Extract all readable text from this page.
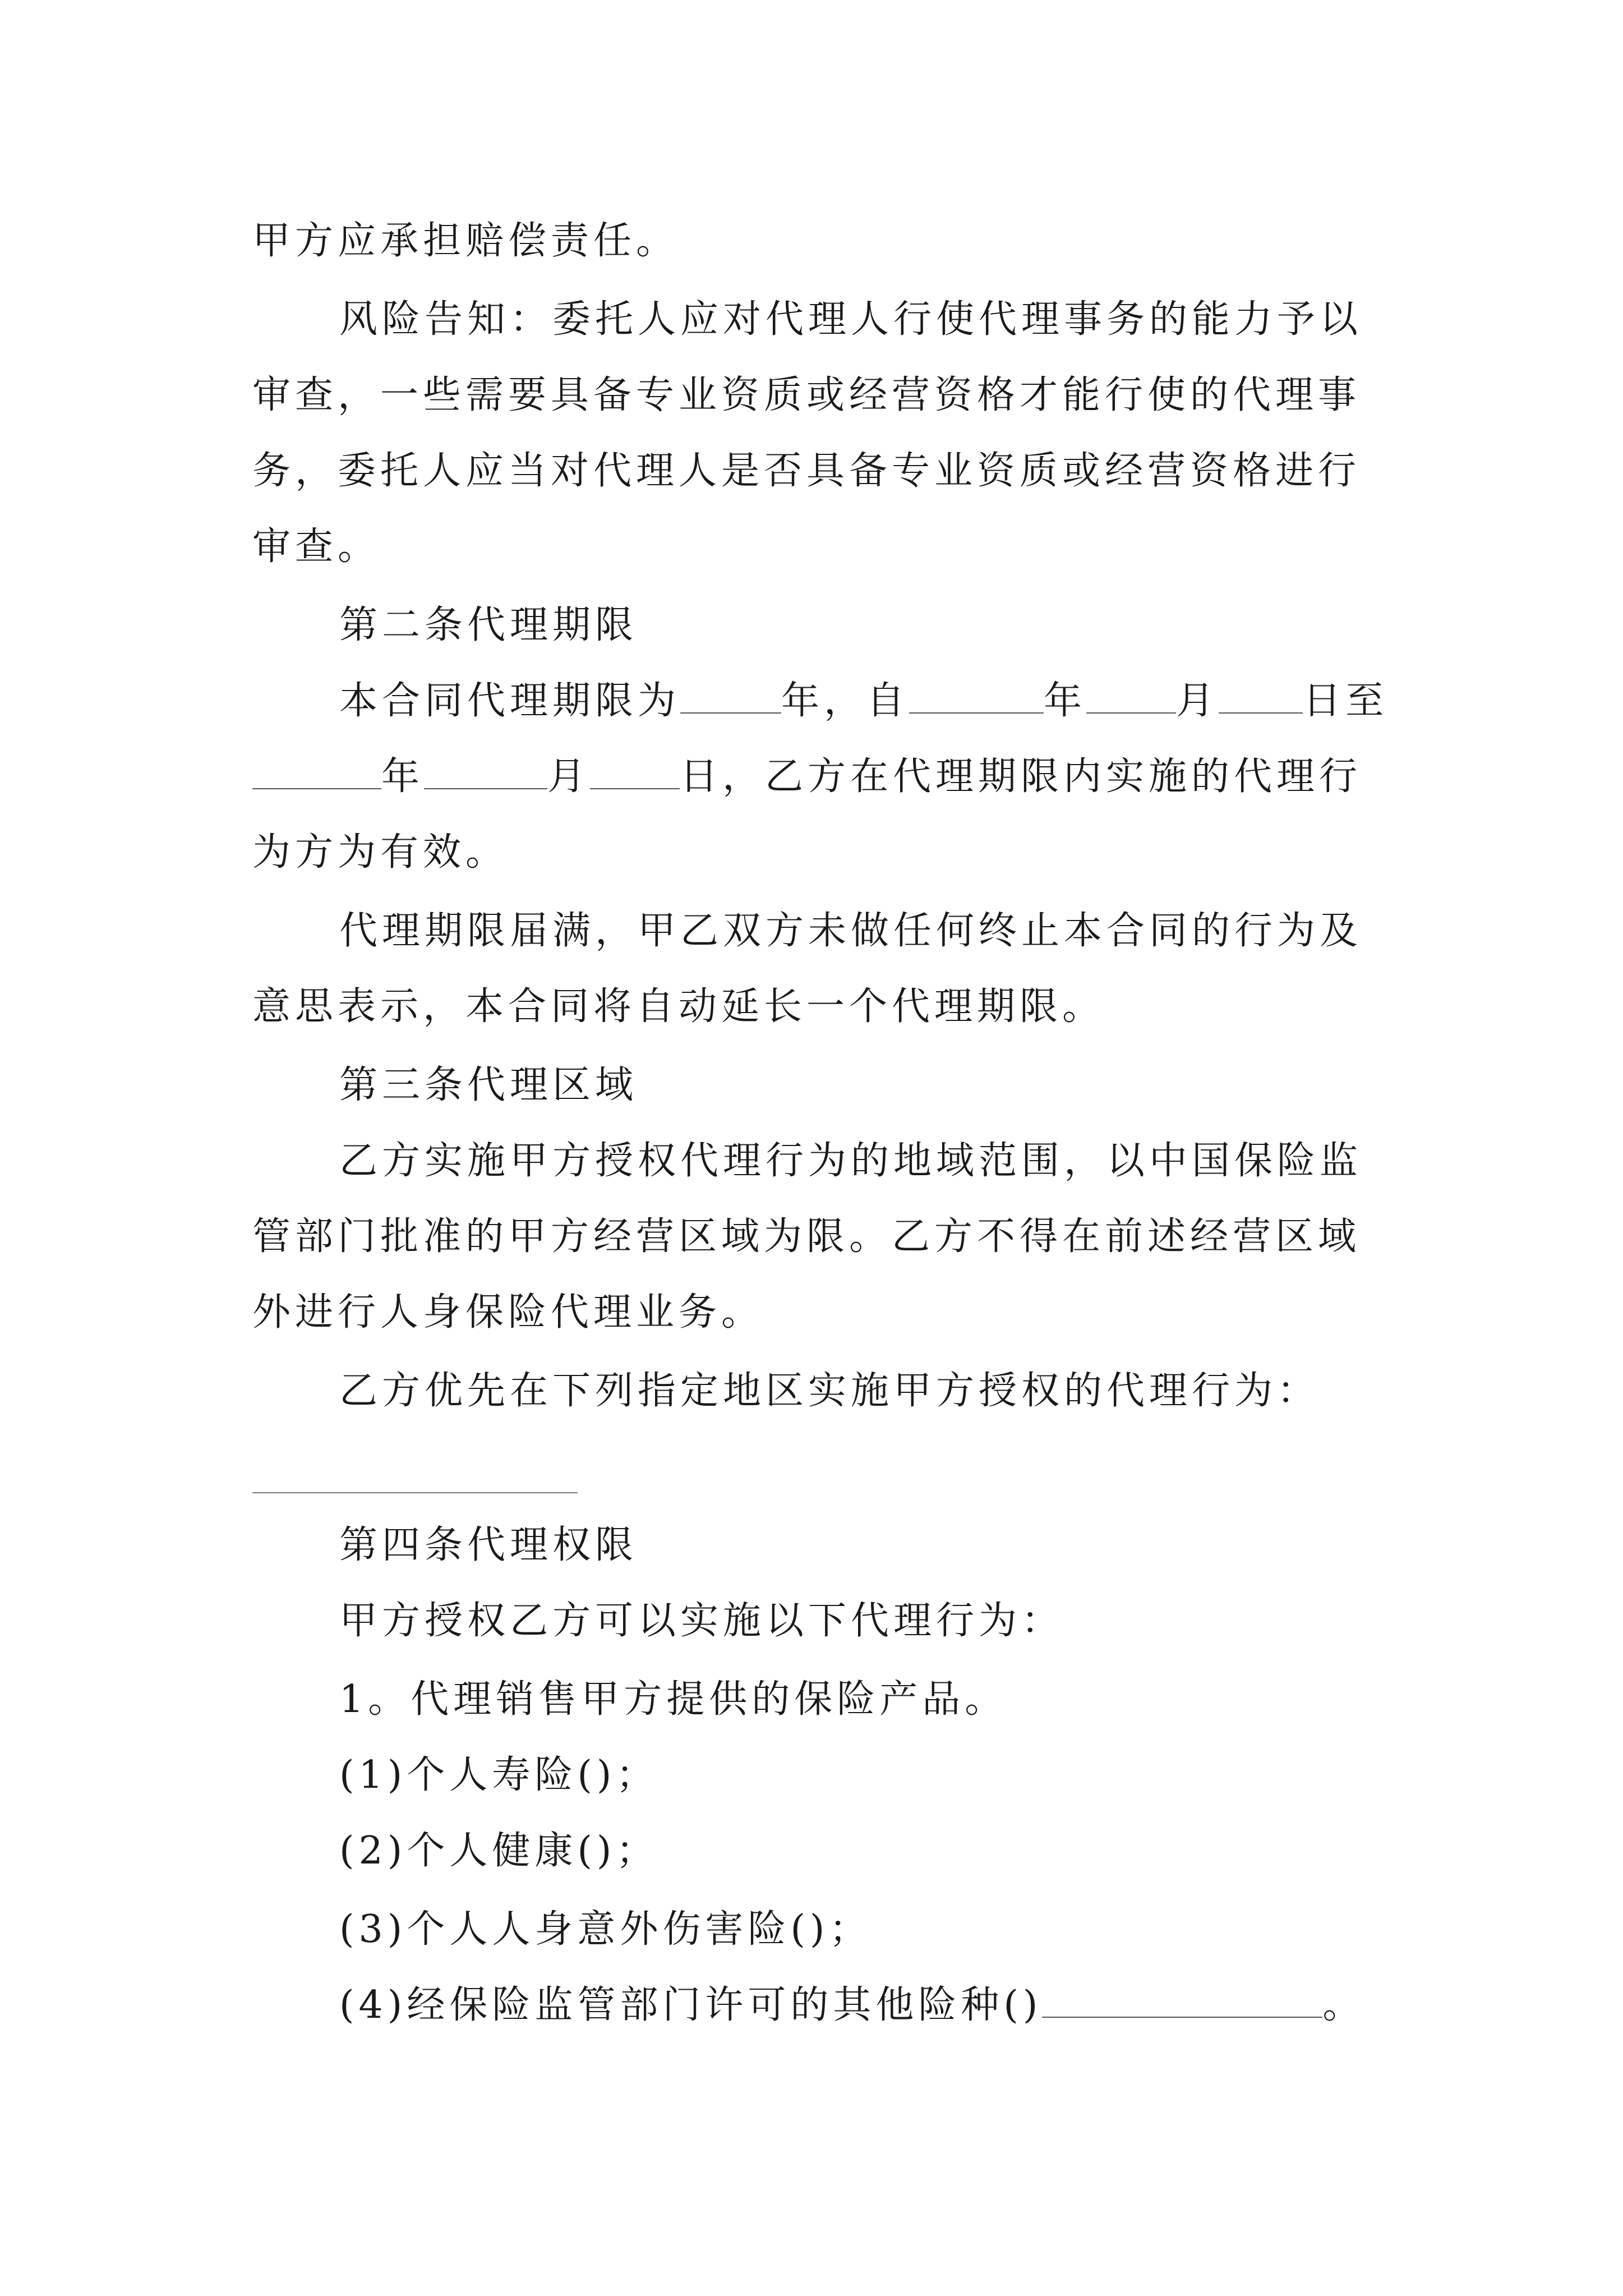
甲方应承担赔偿责任。
风险告知：委托人应对代理人行使代理事务的能力予以
审查，一些需要具备专业资质或经营资格才能行使的代理事
务，委托人应当对代理人是否具备专业资质或经营资格进行
审查。
第二条代理期限
本合同代理期限为	年，自	年 月 日至
年	月 日，乙方在代理期限内实施的代理行
为方为有效。
代理期限届满，甲乙双方未做任何终止本合同的行为及
意思表示，本合同将自动延长一个代理期限。
第三条代理区域
乙方实施甲方授权代理行为的地域范围，以中国保险监
管部门批准的甲方经营区域为限。乙方不得在前述经营区域
外进行人身保险代理业务。
乙方优先在下列指定地区实施甲方授权的代理行为：
第四条代理权限
甲方授权乙方可以实施以下代理行为：
1。代理销售甲方提供的保险产品。
(1)个人寿险()；
(2)个人健康()；
(3)个人人身意外伤害险()；
(4)经保险监管部门许可的其他险种()	。
